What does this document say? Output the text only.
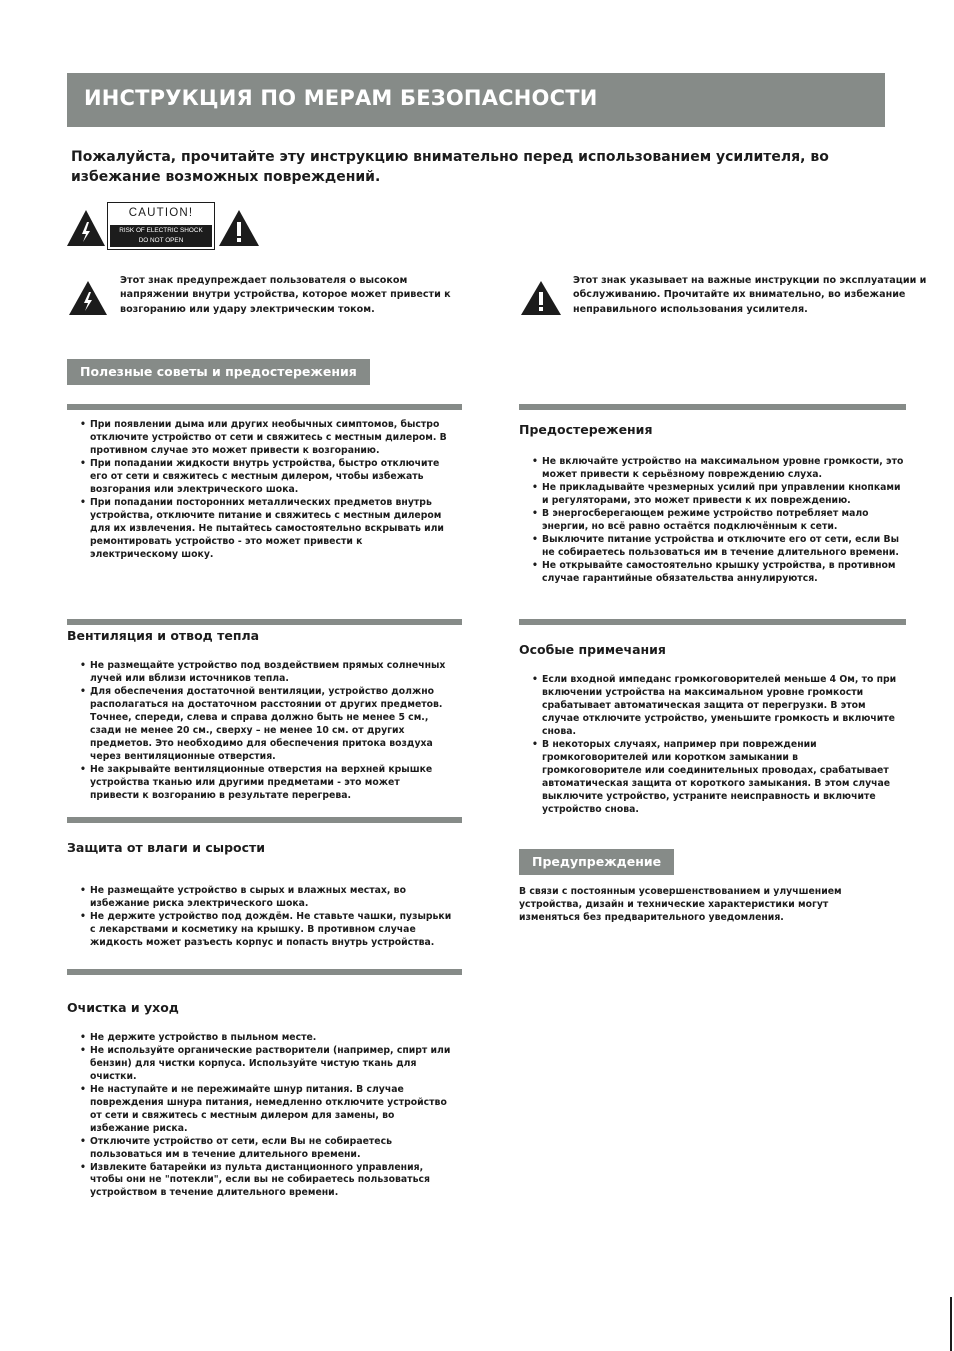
ИНСТРУКЦИЯ ПО МЕРАМ БЕЗОПАСНОСТИ
Пожалуйста, прочитайте эту инструкцию внимательно перед использованием усилителя, во избежание возможных повреждений.
CAUTION!
RISK OF ELECTRIC SHOCK
DO NOT OPEN
Этот знак предупреждает пользователя о высоком напряжении внутри устройства, которое может привести к возгоранию или удару электрическим током.
Этот знак указывает на важные инструкции по эксплуатации и обслуживанию. Прочитайте их внимательно, во избежание неправильного использования усилителя.
Полезные советы и предостережения
• При появлении дыма или других необычных симптомов, быстро отключите устройство от сети и свяжитесь с местным дилером. В противном случае это может привести к возгоранию.
• При попадании жидкости внутрь устройства, быстро отключите его от сети и свяжитесь с местным дилером, чтобы избежать возгорания или электрического шока.
• При попадании посторонних металлических предметов внутрь устройства, отключите питание и свяжитесь с местным дилером для их извлечения. Не пытайтесь самостоятельно вскрывать или ремонтировать устройство - это может привести к электрическому шоку.
Вентиляция и отвод тепла
• Не размещайте устройство под воздействием прямых солнечных лучей или вблизи источников тепла.
• Для обеспечения достаточной вентиляции, устройство должно располагаться на достаточном расстоянии от других предметов. Точнее, спереди, слева и справа должно быть не менее 5 см., сзади не менее 20 см., сверху – не менее 10 см. от других предметов. Это необходимо для обеспечения притока воздуха через вентиляционные отверстия.
• Не закрывайте вентиляционные отверстия на верхней крышке устройства тканью или другими предметами - это может привести к возгоранию в результате перегрева.
Защита от влаги и сырости
• Не размещайте устройство в сырых и влажных местах, во избежание риска электрического шока.
• Не держите устройство под дождём. Не ставьте чашки, пузырьки с лекарствами и косметику на крышку. В противном случае жидкость может разъесть корпус и попасть внутрь устройства.
Очистка и уход
• Не держите устройство в пыльном месте.
• Не используйте органические растворители (например, спирт или бензин) для чистки корпуса. Используйте чистую ткань для очистки.
• Не наступайте и не пережимайте шнур питания. В случае повреждения шнура питания, немедленно отключите устройство от сети и свяжитесь с местным дилером для замены, во избежание риска.
• Отключите устройство от сети, если Вы не собираетесь пользоваться им в течение длительного времени.
• Извлеките батарейки из пульта дистанционного управления, чтобы они не "потекли", если вы не собираетесь пользоваться устройством в течение длительного времени.
Предостережения
• Не включайте устройство на максимальном уровне громкости, это может привести к серьёзному повреждению слуха.
• Не прикладывайте чрезмерных усилий при управлении кнопками и регуляторами, это может привести к их повреждению.
• В энергосберегающем режиме устройство потребляет мало энергии, но всё равно остаётся подключённым к сети.
• Выключите питание устройства и отключите его от сети, если Вы не собираетесь пользоваться им в течение длительного времени.
• Не открывайте самостоятельно крышку устройства, в противном случае гарантийные обязательства аннулируются.
Особые примечания
• Если входной импеданс громкоговорителей меньше 4 Ом, то при включении устройства на максимальном уровне громкости срабатывает автоматическая защита от перегрузки. В этом случае отключите устройство, уменьшите громкость и включите снова.
• В некоторых случаях, например при повреждении громкоговорителей или коротком замыкании в громкоговорителе или соединительных проводах, срабатывает автоматическая защита от короткого замыкания. В этом случае выключите устройство, устраните неисправность и включите устройство снова.
Предупреждение
В связи с постоянным усовершенствованием и улучшением устройства, дизайн и технические характеристики могут изменяться без предварительного уведомления.
